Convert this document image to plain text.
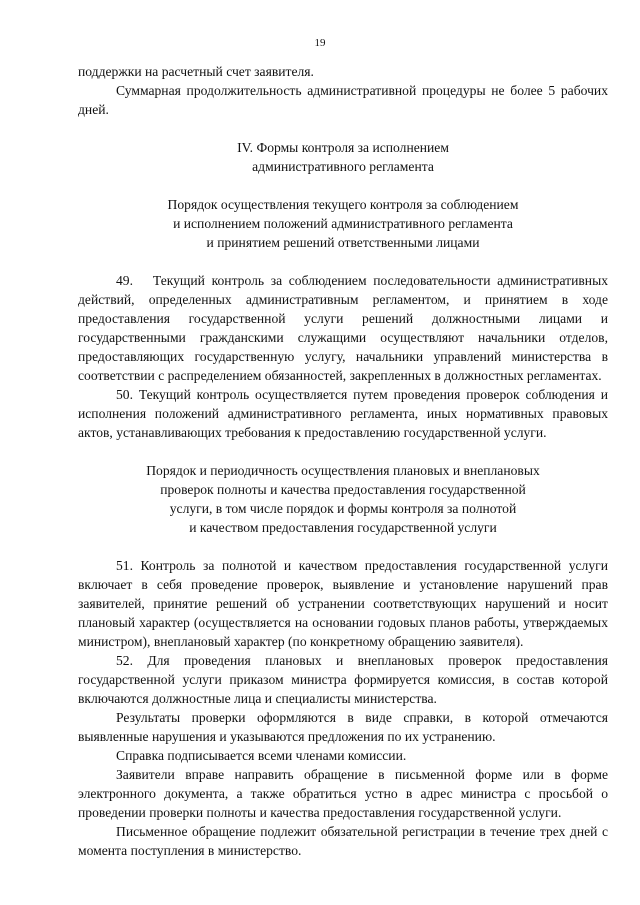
19

поддержки на расчетный счет заявителя.

Суммарная продолжительность административной процедуры не более 5 рабочих дней.

IV. Формы контроля за исполнением

административного регламента

Порядок осуществления текущего контроля за соблюдением

и исполнением положений административного регламента

и принятием решений ответственными лицами

49.   Текущий контроль за соблюдением последовательности административных действий, определенных административным регламентом, и принятием в ходе предоставления государственной услуги решений должностными лицами и государственными гражданскими служащими осуществляют начальники отделов, предоставляющих государственную услугу, начальники управлений министерства в соответствии с распределением обязанностей, закрепленных в должностных регламентах.

50. Текущий контроль осуществляется путем проведения проверок соблюдения и исполнения положений административного регламента, иных нормативных правовых актов, устанавливающих требования к предоставлению государственной услуги.

Порядок и периодичность осуществления плановых и внеплановых

проверок полноты и качества предоставления государственной

услуги, в том числе порядок и формы контроля за полнотой

и качеством предоставления государственной услуги

51. Контроль за полнотой и качеством предоставления государственной услуги включает в себя проведение проверок, выявление и установление нарушений прав заявителей, принятие решений об устранении соответствующих нарушений и носит плановый характер (осуществляется на основании годовых планов работы, утверждаемых министром), внеплановый характер (по конкретному обращению заявителя).

52. Для проведения плановых и внеплановых проверок предоставления государственной услуги приказом министра формируется комиссия, в состав которой включаются должностные лица и специалисты министерства.

Результаты проверки оформляются в виде справки, в которой отмечаются выявленные нарушения и указываются предложения по их устранению.

Справка подписывается всеми членами комиссии.

Заявители вправе направить обращение в письменной форме или в форме электронного документа, а также обратиться устно в адрес министра с просьбой о проведении проверки полноты и качества предоставления государственной услуги.

Письменное обращение подлежит обязательной регистрации в течение трех дней с момента поступления в министерство.
